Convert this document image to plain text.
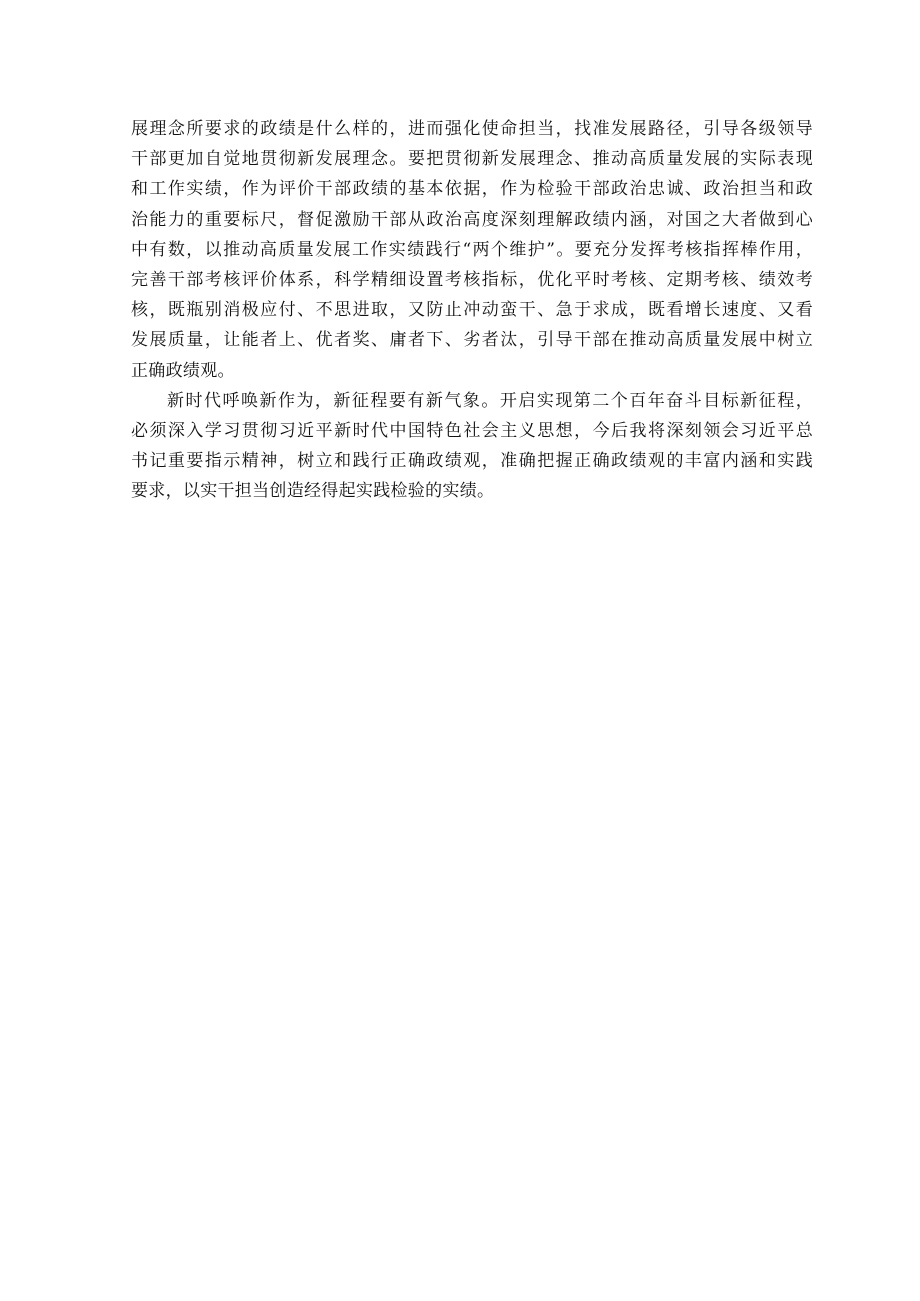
展理念所要求的政绩是什么样的，进而强化使命担当，找准发展路径，引导各级领导
干部更加自觉地贯彻新发展理念。要把贯彻新发展理念、推动高质量发展的实际表现
和工作实绩，作为评价干部政绩的基本依据，作为检验干部政治忠诚、政治担当和政
治能力的重要标尺，督促激励干部从政治高度深刻理解政绩内涵，对国之大者做到心
中有数，以推动高质量发展工作实绩践行“两个维护”。要充分发挥考核指挥棒作用，
完善干部考核评价体系，科学精细设置考核指标，优化平时考核、定期考核、绩效考
核，既瓶别消极应付、不思进取，又防止冲动蛮干、急于求成，既看增长速度、又看
发展质量，让能者上、优者奖、庸者下、劣者汰，引导干部在推动高质量发展中树立
正确政绩观。
新时代呼唤新作为，新征程要有新气象。开启实现第二个百年奋斗目标新征程，
必须深入学习贯彻习近平新时代中国特色社会主义思想，今后我将深刻领会习近平总
书记重要指示精神，树立和践行正确政绩观，准确把握正确政绩观的丰富内涵和实践
要求，以实干担当创造经得起实践检验的实绩。
